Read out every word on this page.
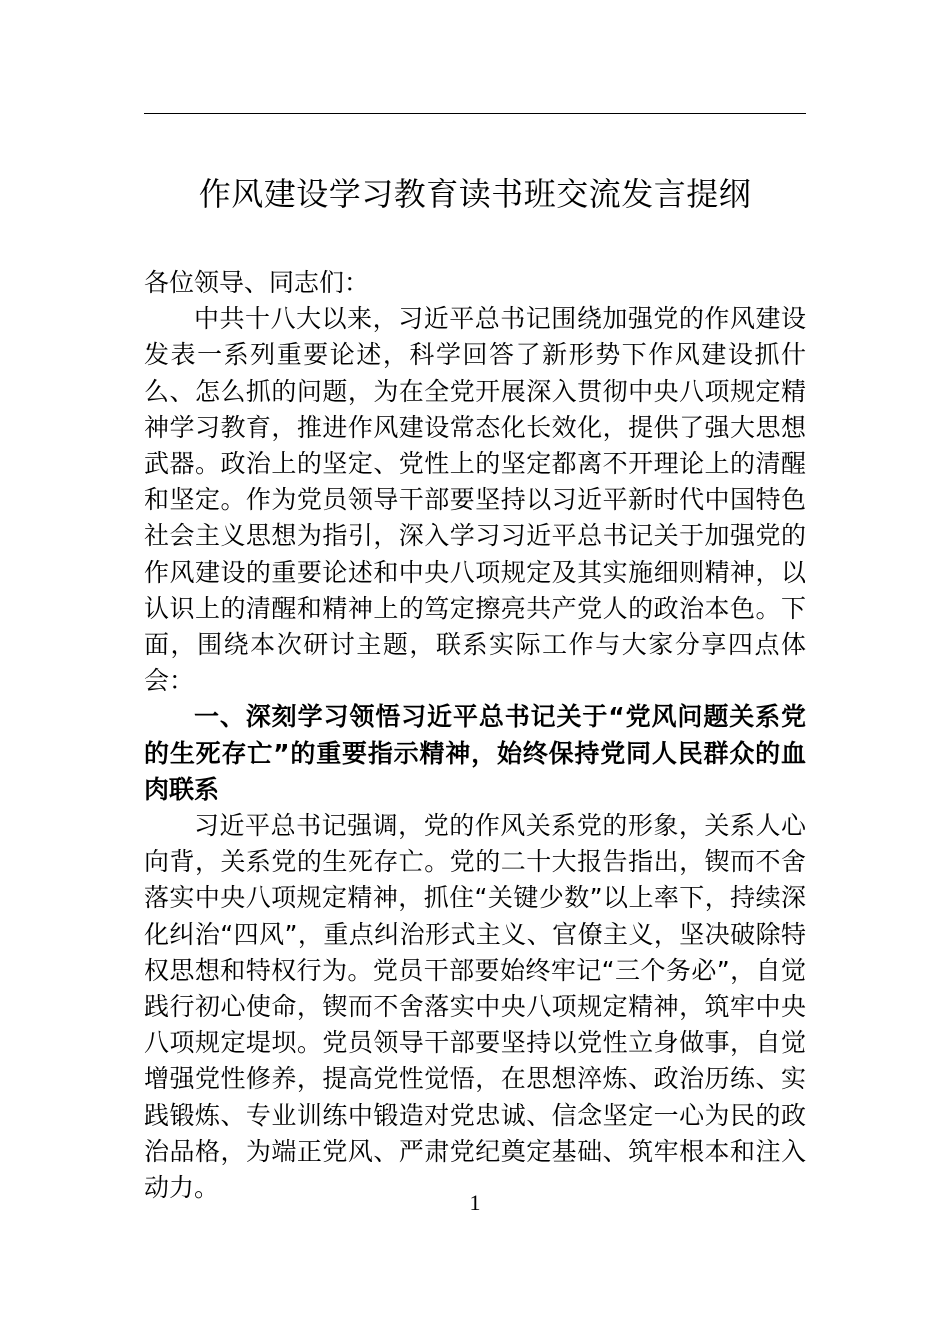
作风建设学习教育读书班交流发言提纲

各位领导、同志们：

中共十八大以来，习近平总书记围绕加强党的作风建设发表一系列重要论述，科学回答了新形势下作风建设抓什么、怎么抓的问题，为在全党开展深入贯彻中央八项规定精神学习教育，推进作风建设常态化长效化，提供了强大思想武器。政治上的坚定、党性上的坚定都离不开理论上的清醒和坚定。作为党员领导干部要坚持以习近平新时代中国特色社会主义思想为指引，深入学习习近平总书记关于加强党的作风建设的重要论述和中央八项规定及其实施细则精神，以认识上的清醒和精神上的笃定擦亮共产党人的政治本色。下面，围绕本次研讨主题，联系实际工作与大家分享四点体会：

一、深刻学习领悟习近平总书记关于“党风问题关系党的生死存亡”的重要指示精神，始终保持党同人民群众的血肉联系

习近平总书记强调，党的作风关系党的形象，关系人心向背，关系党的生死存亡。党的二十大报告指出，锲而不舍落实中央八项规定精神，抓住“关键少数”以上率下，持续深化纠治“四风”，重点纠治形式主义、官僚主义，坚决破除特权思想和特权行为。党员干部要始终牢记“三个务必”，自觉践行初心使命，锲而不舍落实中央八项规定精神，筑牢中央八项规定堤坝。党员领导干部要坚持以党性立身做事，自觉增强党性修养，提高党性觉悟，在思想淬炼、政治历练、实践锻炼、专业训练中锻造对党忠诚、信念坚定一心为民的政治品格，为端正党风、严肃党纪奠定基础、筑牢根本和注入动力。

1
